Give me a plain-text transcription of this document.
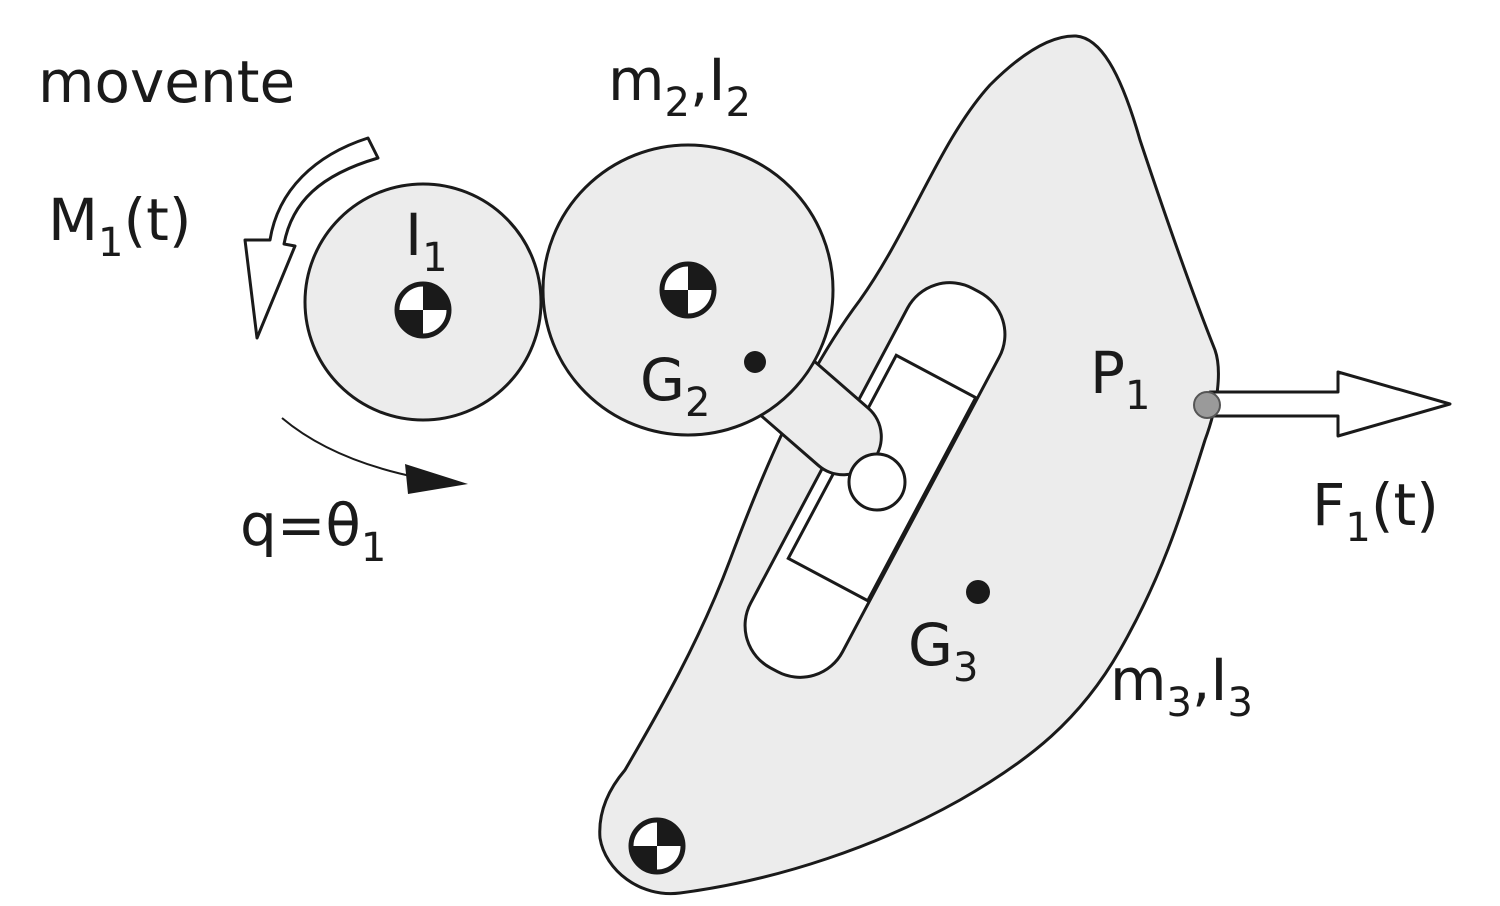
movente
$M_1(t)$	$I_1$
$m_2,I_2$
$G_2$
$q=\theta_1$
$P_1$
$F_1(t)$
$G_3$ $m_3,I_3$
